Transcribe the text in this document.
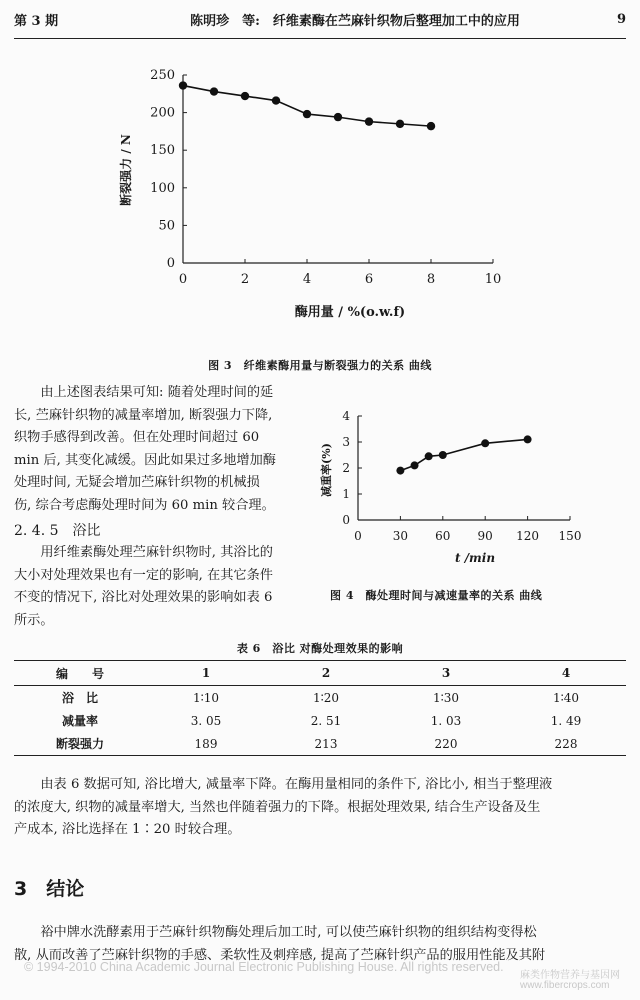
第 3 期	陈明珍　等:　纤维素酶在苎麻针织物后整理加工中的应用	9
0
50
100
150
200
250
0	2	4	6	8	10
酶用量 / %(o.w.f)
断裂强力 / N
图 3　纤维素酶用量与断裂强力的关系 曲线
　　由上述图表结果可知: 随着处理时间的延
长, 苎麻针织物的减量率增加, 断裂强力下降,
织物手感得到改善。但在处理时间超过 60
min 后, 其变化减缓。因此如果过多地增加酶
处理时间, 无疑会增加苎麻针织物的机械损
伤, 综合考虑酶处理时间为 60 min 较合理。
2. 4. 5　浴比
　　用纤维素酶处理苎麻针织物时, 其浴比的
大小对处理效果也有一定的影响, 在其它条件
不变的情况下, 浴比对处理效果的影响如表 6
所示。
0
1
2
3
4
0	30 60 90 120 150
t /min
减重率(%)
图 4　酶处理时间与减速量率的关系 曲线
表 6　浴比 对酶处理效果的影响
编　　号	1	2	3	4
浴　比	1∶10	1∶20	1∶30	1∶40
减量率	3. 05	2. 51	1. 03	1. 49
断裂强力	189	213	220	228
　　由表 6 数据可知, 浴比增大, 减量率下降。在酶用量相同的条件下, 浴比小, 相当于整理液
的浓度大, 织物的减量率增大, 当然也伴随着强力的下降。根据处理效果, 结合生产设备及生
产成本, 浴比选择在 1∶20 时较合理。
3　结论
　　裕中牌水洗酵素用于苎麻针织物酶处理后加工时, 可以使苎麻针织物的组织结构变得松
散, 从而改善了苎麻针织物的手感、柔软性及刺痒感, 提高了苎麻针织产品的服用性能及其附
© 1994-2010 China Academic Journal Electronic Publishing House. All rights reserved.
麻类作物营养与基因网
www.fibercrops.com
